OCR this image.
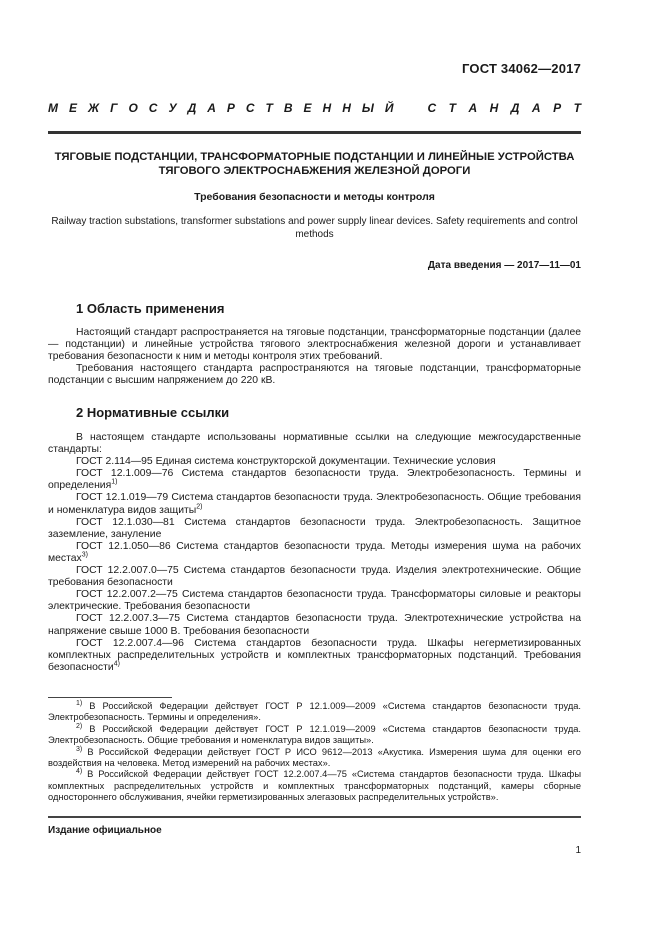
ГОСТ 34062—2017
М Е Ж Г О С У Д А Р С Т В Е Н Н Ы Й	С Т А Н Д А Р Т
ТЯГОВЫЕ ПОДСТАНЦИИ, ТРАНСФОРМАТОРНЫЕ ПОДСТАНЦИИ И ЛИНЕЙНЫЕ УСТРОЙСТВА
ТЯГОВОГО ЭЛЕКТРОСНАБЖЕНИЯ ЖЕЛЕЗНОЙ ДОРОГИ
Требования безопасности и методы контроля
Railway traction substations, transformer substations and power supply linear devices. Safety requirements and control methods
Дата введения — 2017—11—01
1 Область применения

Настоящий стандарт распространяется на тяговые подстанции, трансформаторные подстанции (далее — подстанции) и линейные устройства тягового электроснабжения железной дороги и устанавливает требования безопасности к ним и методы контроля этих требований.

Требования настоящего стандарта распространяются на тяговые подстанции, трансформаторные подстанции с высшим напряжением до 220 кВ.

2 Нормативные ссылки

В настоящем стандарте использованы нормативные ссылки на следующие межгосударственные стандарты:

ГОСТ 2.114—95 Единая система конструкторской документации. Технические условия

ГОСТ 12.1.009—76 Система стандартов безопасности труда. Электробезопасность. Термины и определения$^{1)}$

ГОСТ 12.1.019—79 Система стандартов безопасности труда. Электробезопасность. Общие требования и номенклатура видов защиты$^{2)}$

ГОСТ 12.1.030—81 Система стандартов безопасности труда. Электробезопасность. Защитное заземление, зануление

ГОСТ 12.1.050—86 Система стандартов безопасности труда. Методы измерения шума на рабочих местах$^{3)}$

ГОСТ 12.2.007.0—75 Система стандартов безопасности труда. Изделия электротехнические. Общие требования безопасности

ГОСТ 12.2.007.2—75 Система стандартов безопасности труда. Трансформаторы силовые и реакторы электрические. Требования безопасности

ГОСТ 12.2.007.3—75 Система стандартов безопасности труда. Электротехнические устройства на напряжение свыше 1000 В. Требования безопасности

ГОСТ 12.2.007.4—96 Система стандартов безопасности труда. Шкафы негерметизированных комплектных распределительных устройств и комплектных трансформаторных подстанций. Требования безопасности$^{4)}$

$^{1)}$ В Российской Федерации действует ГОСТ Р 12.1.009—2009 «Система стандартов безопасности труда. Электробезопасность. Термины и определения».

$^{2)}$ В Российской Федерации действует ГОСТ Р 12.1.019—2009 «Система стандартов безопасности труда. Электробезопасность. Общие требования и номенклатура видов защиты».

$^{3)}$ В Российской Федерации действует ГОСТ Р ИСО 9612—2013 «Акустика. Измерения шума для оценки его воздействия на человека. Метод измерений на рабочих местах».

$^{4)}$ В Российской Федерации действует ГОСТ 12.2.007.4—75 «Система стандартов безопасности труда. Шкафы комплектных распределительных устройств и комплектных трансформаторных подстанций, камеры сборные одностороннего обслуживания, ячейки герметизированных элегазовых распределительных устройств».

Издание официальное
1
